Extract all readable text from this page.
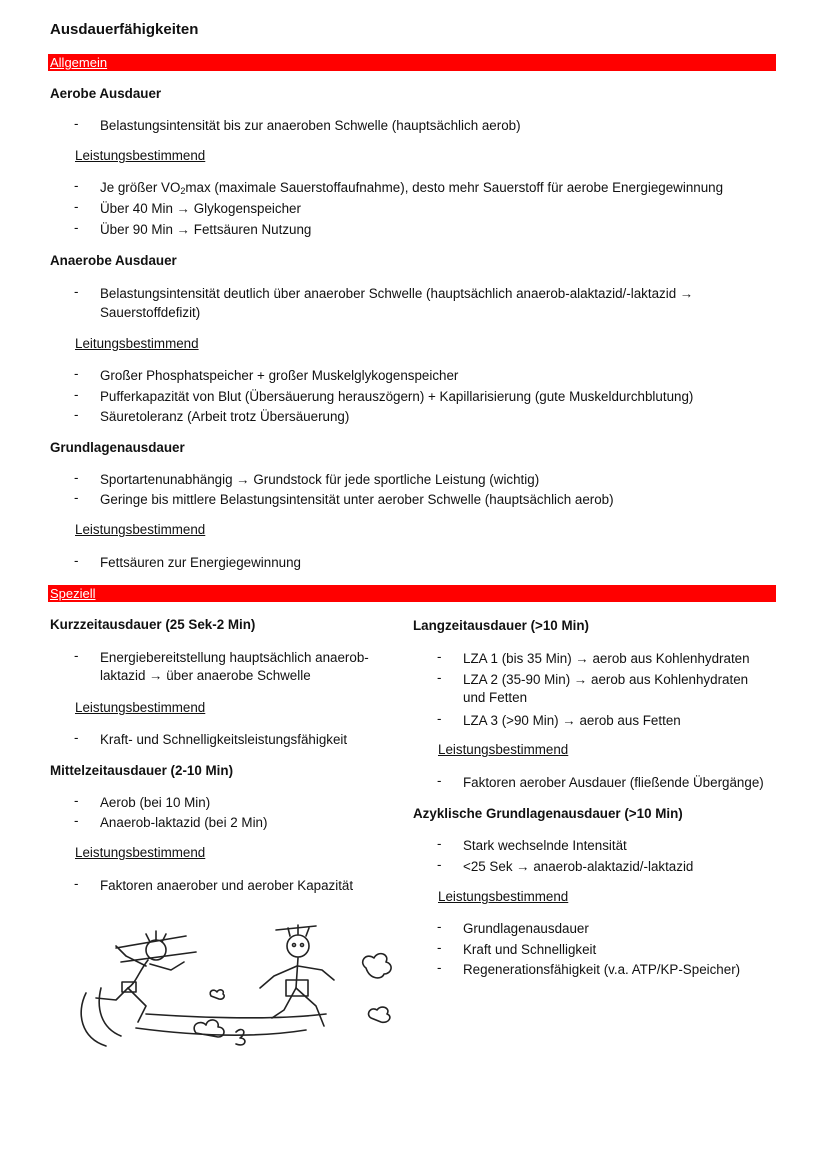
Ausdauerfähigkeiten
Allgemein
Aerobe Ausdauer
- Belastungsintensität bis zur anaeroben Schwelle (hauptsächlich aerob)
Leistungsbestimmend
- Je größer $VO_2\max$ (maximale Sauerstoffaufnahme), desto mehr Sauerstoff für aerobe Energiegewinnung
- Über 40 Min → Glykogenspeicher
- Über 90 Min → Fettsäuren Nutzung
Anaerobe Ausdauer
- Belastungsintensität deutlich über anaerober Schwelle (hauptsächlich anaerob-alaktazid/-laktazid →
Sauerstoffdefizit)
Leitungsbestimmend
- Großer Phosphatspeicher + großer Muskelglykogenspeicher
- Pufferkapazität von Blut (Übersäuerung herauszögern) + Kapillarisierung (gute Muskeldurchblutung)
- Säuretoleranz (Arbeit trotz Übersäuerung)
Grundlagenausdauer
- Sportartenunabhängig → Grundstock für jede sportliche Leistung (wichtig)
- Geringe bis mittlere Belastungsintensität unter aerober Schwelle (hauptsächlich aerob)
Leistungsbestimmend
- Fettsäuren zur Energiegewinnung
Speziell
Kurzzeitausdauer (25 Sek-2 Min)
- Energiebereitstellung hauptsächlich anaerob-
laktazid → über anaerobe Schwelle
Leistungsbestimmend
- Kraft- und Schnelligkeitsleistungsfähigkeit
Mittelzeitausdauer (2-10 Min)
- Aerob (bei 10 Min)
- Anaerob-laktazid (bei 2 Min)
Leistungsbestimmend
- Faktoren anaerober und aerober Kapazität
Langzeitausdauer (>10 Min)
- LZA 1 (bis 35 Min) → aerob aus Kohlenhydraten
- LZA 2 (35-90 Min) → aerob aus Kohlenhydraten
und Fetten
- LZA 3 (>90 Min) → aerob aus Fetten
Leistungsbestimmend
- Faktoren aerober Ausdauer (fließende Übergänge)
Azyklische Grundlagenausdauer (>10 Min)
- Stark wechselnde Intensität
- <25 Sek → anaerob-alaktazid/-laktazid
Leistungsbestimmend
- Grundlagenausdauer
- Kraft und Schnelligkeit
- Regenerationsfähigkeit (v.a. ATP/KP-Speicher)
